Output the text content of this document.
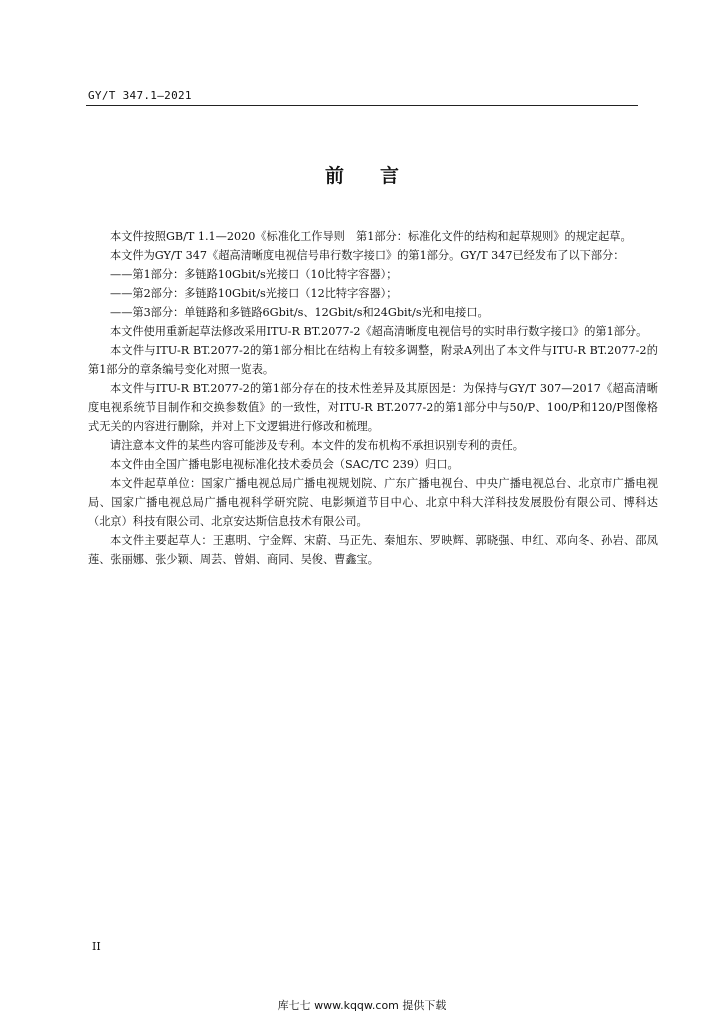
GY/T 347.1—2021
前言

本文件按照GB/T 1.1—2020《标准化工作导则　第1部分：标准化文件的结构和起草规则》的规定起草。

本文件为GY/T 347《超高清晰度电视信号串行数字接口》的第1部分。GY/T 347已经发布了以下部分：

——第1部分：多链路10Gbit/s光接口（10比特字容器）；

——第2部分：多链路10Gbit/s光接口（12比特字容器）；

——第3部分：单链路和多链路6Gbit/s、12Gbit/s和24Gbit/s光和电接口。

本文件使用重新起草法修改采用ITU-R BT.2077-2《超高清晰度电视信号的实时串行数字接口》的第1部分。

本文件与ITU-R BT.2077-2的第1部分相比在结构上有较多调整，附录A列出了本文件与ITU-R BT.2077-2的第1部分的章条编号变化对照一览表。

本文件与ITU-R BT.2077-2的第1部分存在的技术性差异及其原因是：为保持与GY/T 307—2017《超高清晰度电视系统节目制作和交换参数值》的一致性，对ITU-R BT.2077-2的第1部分中与50/P、100/P和120/P图像格式无关的内容进行删除，并对上下文逻辑进行修改和梳理。

请注意本文件的某些内容可能涉及专利。本文件的发布机构不承担识别专利的责任。

本文件由全国广播电影电视标准化技术委员会（SAC/TC 239）归口。

本文件起草单位：国家广播电视总局广播电视规划院、广东广播电视台、中央广播电视总台、北京市广播电视局、国家广播电视总局广播电视科学研究院、电影频道节目中心、北京中科大洋科技发展股份有限公司、博科达（北京）科技有限公司、北京安达斯信息技术有限公司。

本文件主要起草人：王惠明、宁金辉、宋蔚、马正先、秦旭东、罗映辉、郭晓强、申红、邓向冬、孙岩、邵凤莲、张丽娜、张少颖、周芸、曾娟、商同、吴俊、曹鑫宝。

II
库七七 www.kqqw.com 提供下载
